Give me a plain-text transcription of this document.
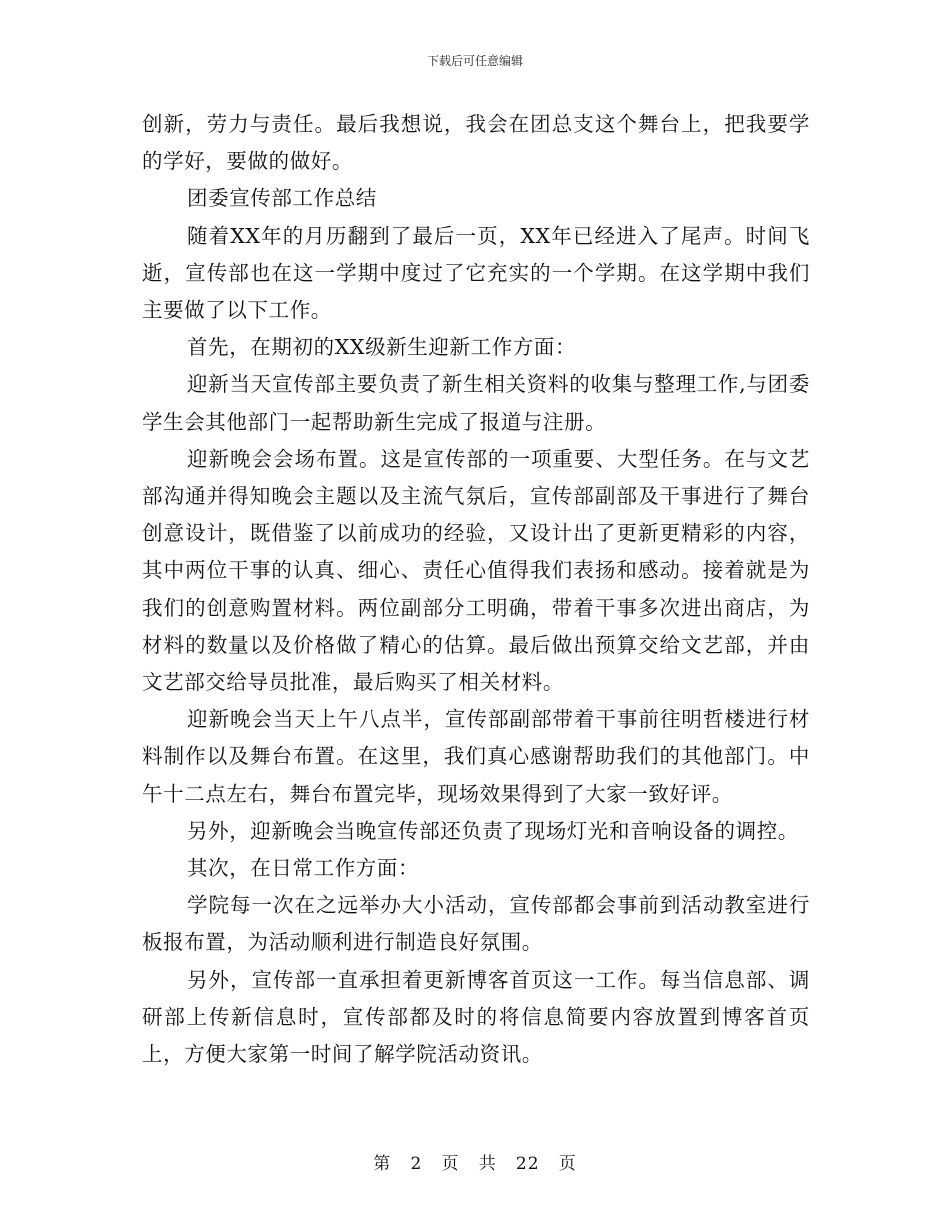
下载后可任意编辑

创新，劳力与责任。最后我想说，我会在团总支这个舞台上，把我要学的学好，要做的做好。

团委宣传部工作总结

随着XX年的月历翻到了最后一页，XX年已经进入了尾声。时间飞逝，宣传部也在这一学期中度过了它充实的一个学期。在这学期中我们主要做了以下工作。

首先，在期初的XX级新生迎新工作方面：

迎新当天宣传部主要负责了新生相关资料的收集与整理工作,与团委学生会其他部门一起帮助新生完成了报道与注册。

迎新晚会会场布置。这是宣传部的一项重要、大型任务。在与文艺部沟通并得知晚会主题以及主流气氛后，宣传部副部及干事进行了舞台创意设计，既借鉴了以前成功的经验，又设计出了更新更精彩的内容，其中两位干事的认真、细心、责任心值得我们表扬和感动。接着就是为我们的创意购置材料。两位副部分工明确，带着干事多次进出商店，为材料的数量以及价格做了精心的估算。最后做出预算交给文艺部，并由文艺部交给导员批准，最后购买了相关材料。

迎新晚会当天上午八点半，宣传部副部带着干事前往明哲楼进行材料制作以及舞台布置。在这里，我们真心感谢帮助我们的其他部门。中午十二点左右，舞台布置完毕，现场效果得到了大家一致好评。

另外，迎新晚会当晚宣传部还负责了现场灯光和音响设备的调控。

其次，在日常工作方面：

学院每一次在之远举办大小活动，宣传部都会事前到活动教室进行板报布置，为活动顺利进行制造良好氛围。

另外，宣传部一直承担着更新博客首页这一工作。每当信息部、调研部上传新信息时，宣传部都及时的将信息简要内容放置到博客首页上，方便大家第一时间了解学院活动资讯。

第 2 页 共 22 页
